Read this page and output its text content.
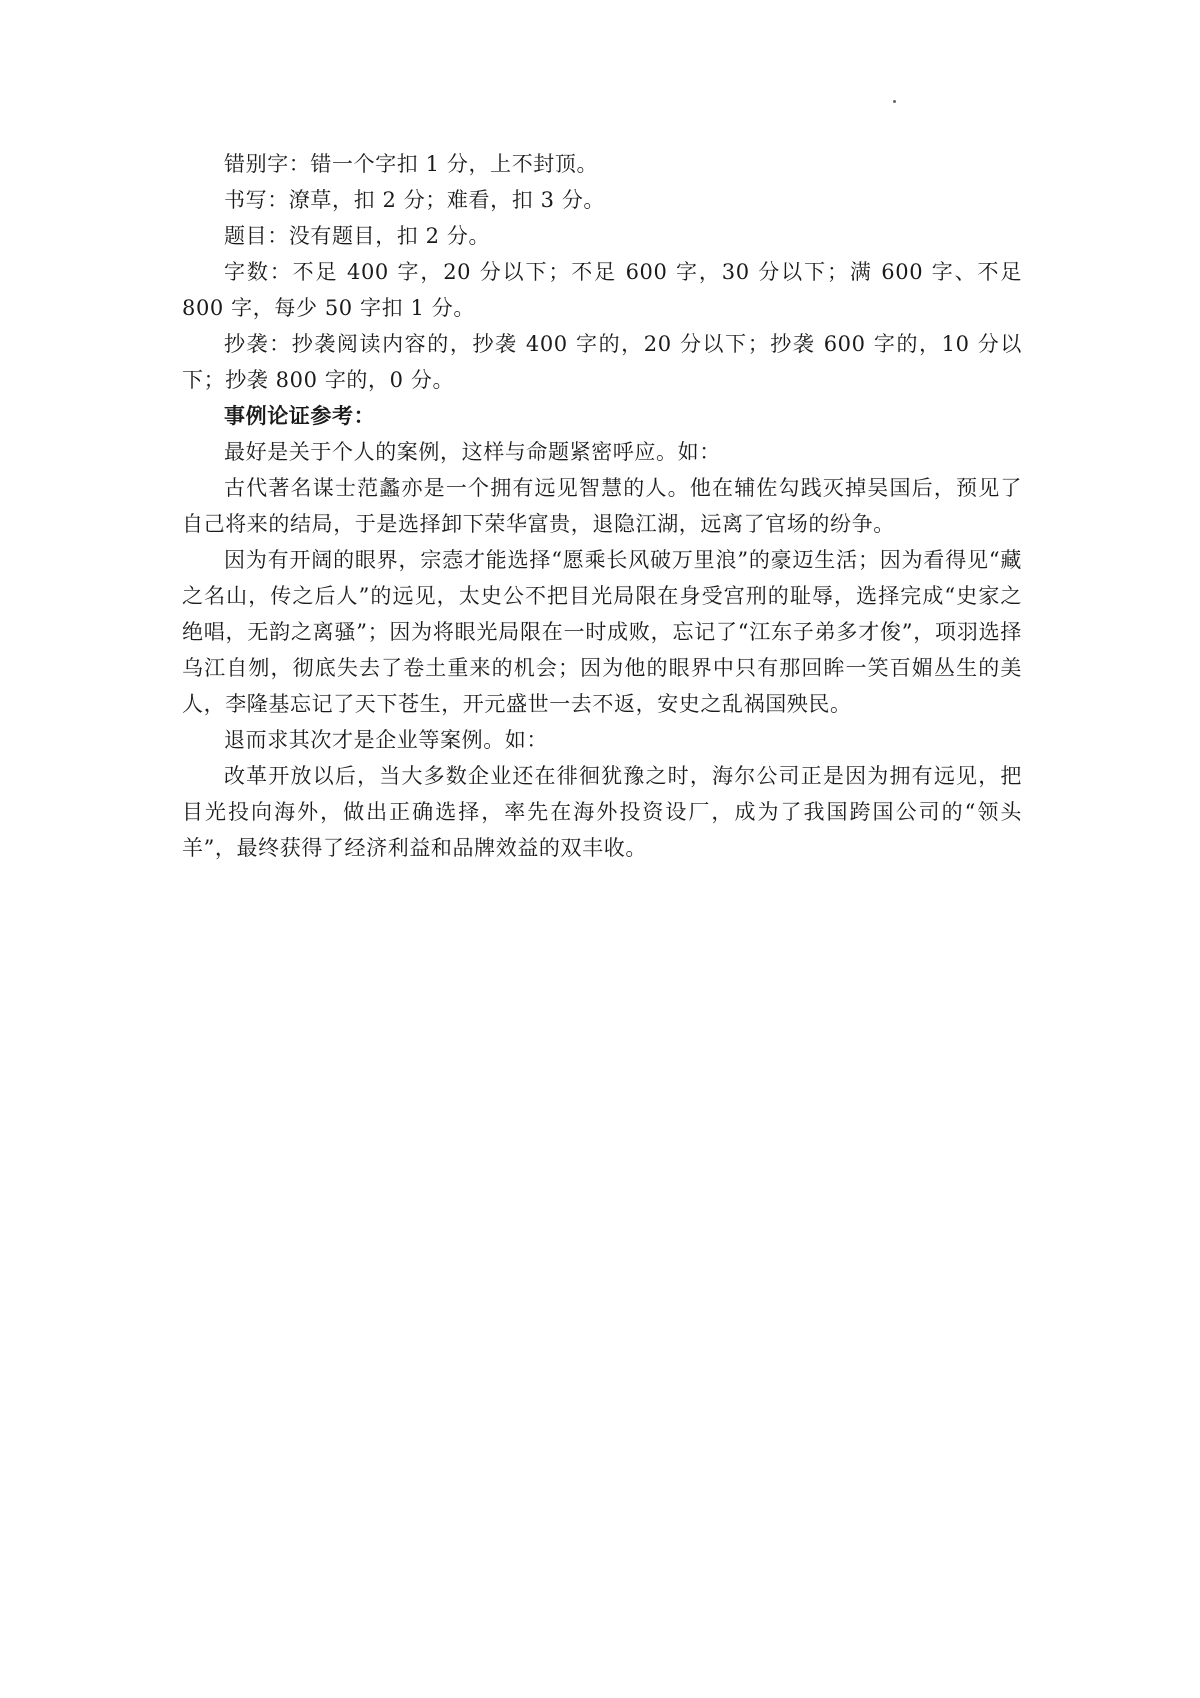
错别字：错一个字扣 1 分，上不封顶。

书写：潦草，扣 2 分；难看，扣 3 分。

题目：没有题目，扣 2 分。

字数：不足 400 字，20 分以下；不足 600 字，30 分以下；满 600 字、不足 800 字，每少 50 字扣 1 分。

抄袭：抄袭阅读内容的，抄袭 400 字的，20 分以下；抄袭 600 字的，10 分以下；抄袭 800 字的，0 分。

事例论证参考：

最好是关于个人的案例，这样与命题紧密呼应。如：

古代著名谋士范蠡亦是一个拥有远见智慧的人。他在辅佐勾践灭掉吴国后，预见了自己将来的结局，于是选择卸下荣华富贵，退隐江湖，远离了官场的纷争。

因为有开阔的眼界，宗悫才能选择“愿乘长风破万里浪”的豪迈生活；因为看得见“藏之名山，传之后人”的远见，太史公不把目光局限在身受宫刑的耻辱，选择完成“史家之绝唱，无韵之离骚”；因为将眼光局限在一时成败，忘记了“江东子弟多才俊”，项羽选择乌江自刎，彻底失去了卷土重来的机会；因为他的眼界中只有那回眸一笑百媚丛生的美人，李隆基忘记了天下苍生，开元盛世一去不返，安史之乱祸国殃民。

退而求其次才是企业等案例。如：

改革开放以后，当大多数企业还在徘徊犹豫之时，海尔公司正是因为拥有远见，把目光投向海外，做出正确选择，率先在海外投资设厂，成为了我国跨国公司的“领头羊”，最终获得了经济利益和品牌效益的双丰收。
